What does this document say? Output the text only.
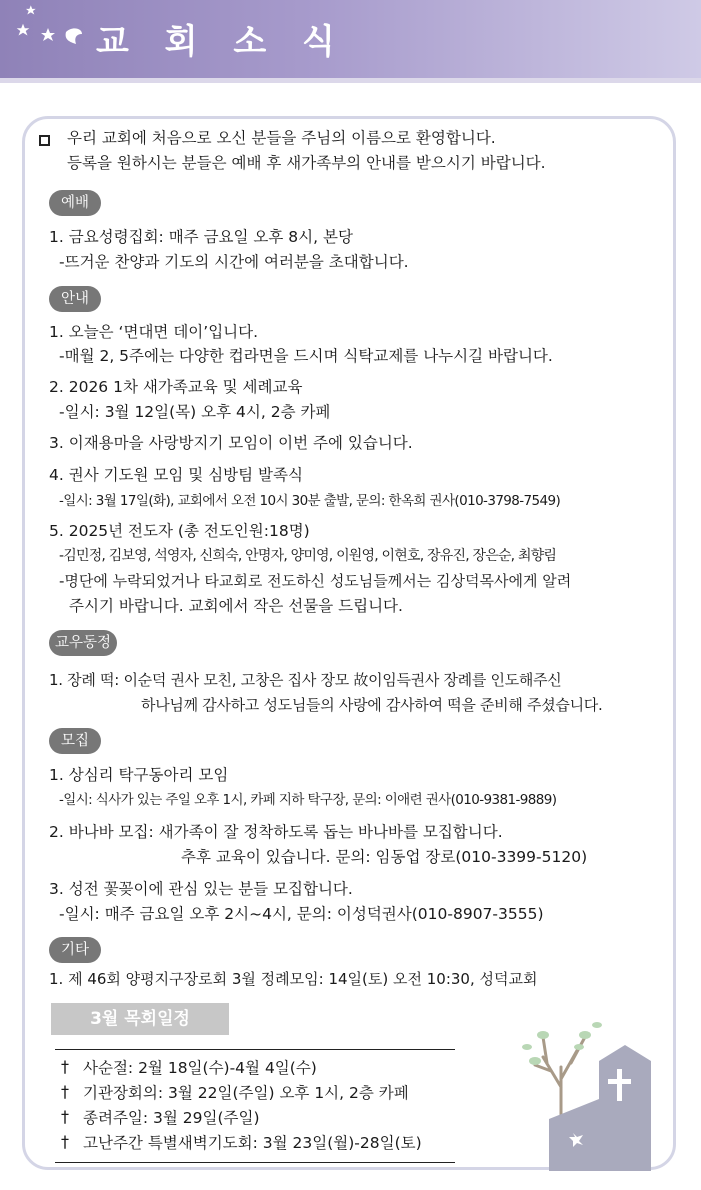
교 회 소 식
우리 교회에 처음으로 오신 분들을 주님의 이름으로 환영합니다.
등록을 원하시는 분들은 예배 후 새가족부의 안내를 받으시기 바랍니다.
예배
1. 금요성령집회: 매주 금요일 오후 8시, 본당
-뜨거운 찬양과 기도의 시간에 여러분을 초대합니다.
안내
1. 오늘은 ‘면대면 데이’입니다.
-매월 2, 5주에는 다양한 컵라면을 드시며 식탁교제를 나누시길 바랍니다.
2. 2026 1차 새가족교육 및 세례교육
-일시: 3월 12일(목) 오후 4시, 2층 카페
3. 이재용마을 사랑방지기 모임이 이번 주에 있습니다.
4. 권사 기도원 모임 및 심방팀 발족식
-일시: 3월 17일(화), 교회에서 오전 10시 30분 출발, 문의: 한옥희 권사(010-3798-7549)
5. 2025년 전도자 (총 전도인원:18명)
-김민정, 김보영, 석영자, 신희숙, 안명자, 양미영, 이원영, 이현호, 장유진, 장은순, 최향림
-명단에 누락되었거나 타교회로 전도하신 성도님들께서는 김상덕목사에게 알려
주시기 바랍니다. 교회에서 작은 선물을 드립니다.
교우동정
1. 장례 떡: 이순덕 권사 모친, 고창은 집사 장모 故이임득권사 장례를 인도해주신
하나님께 감사하고 성도님들의 사랑에 감사하여 떡을 준비해 주셨습니다.
모집
1. 상심리 탁구동아리 모임
-일시: 식사가 있는 주일 오후 1시, 카페 지하 탁구장, 문의: 이애련 권사(010-9381-9889)
2. 바나바 모집: 새가족이 잘 정착하도록 돕는 바나바를 모집합니다.
추후 교육이 있습니다. 문의: 임동업 장로(010-3399-5120)
3. 성전 꽃꽂이에 관심 있는 분들 모집합니다.
-일시: 매주 금요일 오후 2시~4시, 문의: 이성덕권사(010-8907-3555)
기타
1. 제 46회 양평지구장로회 3월 정례모임: 14일(토) 오전 10:30, 성덕교회
3월 목회일정
† 사순절: 2월 18일(수)-4월 4일(수)
† 기관장회의: 3월 22일(주일) 오후 1시, 2층 카페
† 종려주일: 3월 29일(주일)
† 고난주간 특별새벽기도회: 3월 23일(월)-28일(토)
